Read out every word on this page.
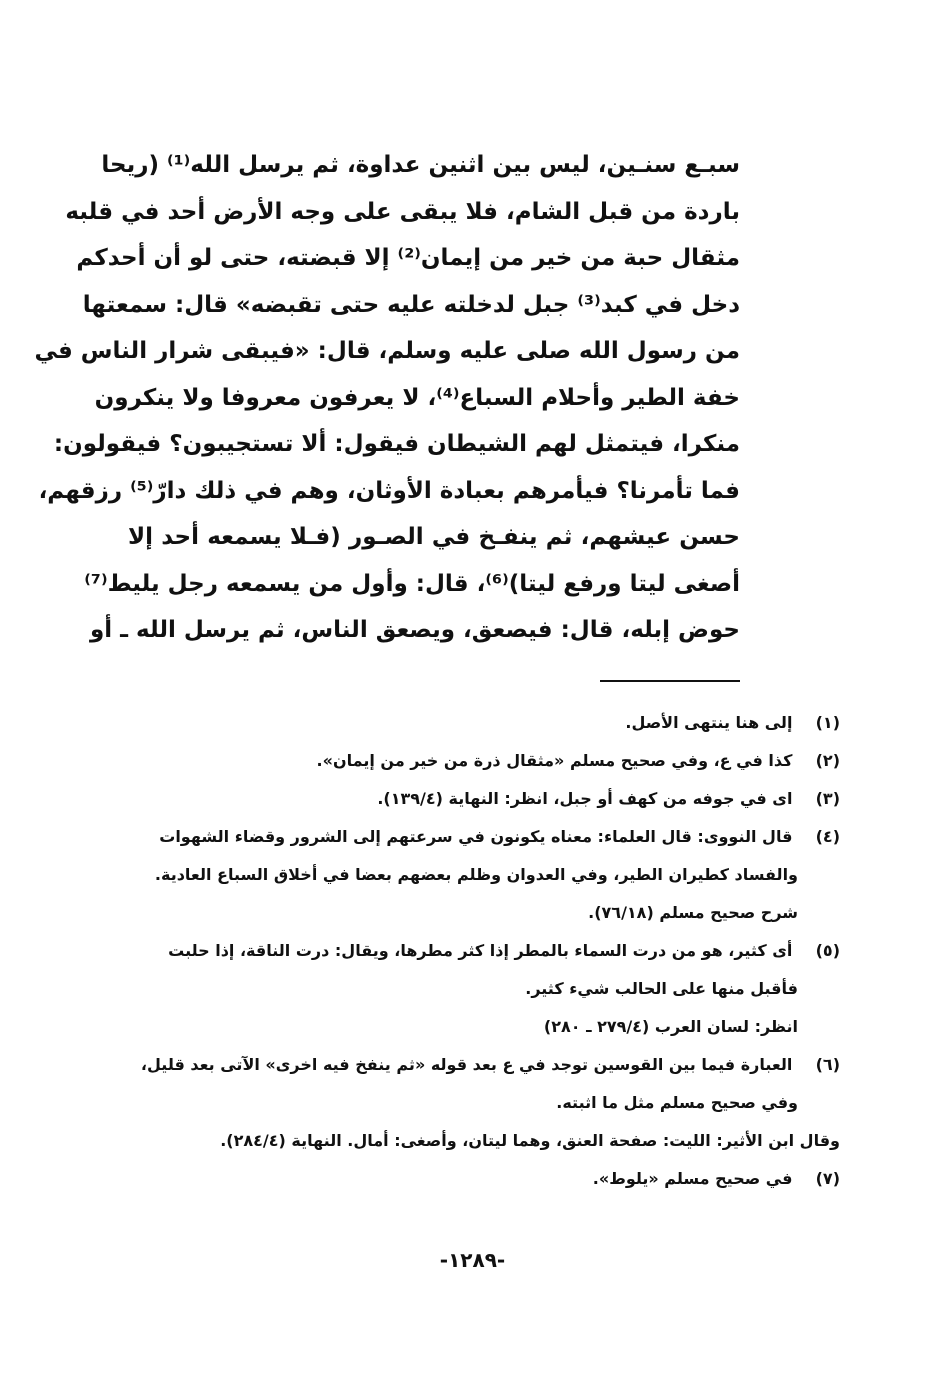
سبـع سنـين، ليس بين اثنين عداوة، ثم يرسل الله⁽¹⁾ (ريحا
باردة من قبل الشام، فلا يبقى على وجه الأرض أحد في قلبه
مثقال حبة من خير من إيمان⁽²⁾ إلا قبضته، حتى لو أن أحدكم
دخل في كبد⁽³⁾ جبل لدخلته عليه حتى تقبضه» قال: سمعتها
من رسول الله صلى عليه وسلم، قال: «فيبقى شرار الناس في
خفة الطير وأحلام السباع⁽⁴⁾، لا يعرفون معروفا ولا ينكرون
منكرا، فيتمثل لهم الشيطان فيقول: ألا تستجيبون؟ فيقولون:
فما تأمرنا؟ فيأمرهم بعبادة الأوثان، وهم في ذلك دارّ⁽⁵⁾ رزقهم،
حسن عيشهم، ثم ينفـخ في الصـور (فـلا يسمعه أحد إلا
أصغى ليتا ورفع ليتا)⁽⁶⁾، قال: وأول من يسمعه رجل يليط⁽⁷⁾
حوض إبله، قال: فيصعق، ويصعق الناس، ثم يرسل الله ـ أو
(١) إلى هنا ينتهى الأصل.
(٢) كذا في ع، وفي صحيح مسلم «مثقال ذرة من خير من إيمان».
(٣) اى في جوفه من كهف أو جبل، انظر: النهاية (١٣٩/٤).
(٤) قال النووى: قال العلماء: معناه يكونون في سرعتهم إلى الشرور وقضاء الشهوات
والفساد كطيران الطير، وفي العدوان وظلم بعضهم بعضا في أخلاق السباع العادية.
شرح صحيح مسلم (٧٦/١٨).
(٥) أى كثير، هو من درت السماء بالمطر إذا كثر مطرها، ويقال: درت الناقة، إذا حلبت
فأقبل منها على الحالب شيء كثير.
انظر: لسان العرب (٢٧٩/٤ ـ ٢٨٠)
(٦) العبارة فيما بين القوسين توجد في ع بعد قوله «ثم ينفخ فيه اخرى» الآتى بعد قليل،
وفي صحيح مسلم مثل ما اثبته.
وقال ابن الأثير: الليت: صفحة العنق، وهما ليتان، وأصغى: أمال. النهاية (٢٨٤/٤).
(٧) في صحيح مسلم «يلوط».
-١٢٨٩-
